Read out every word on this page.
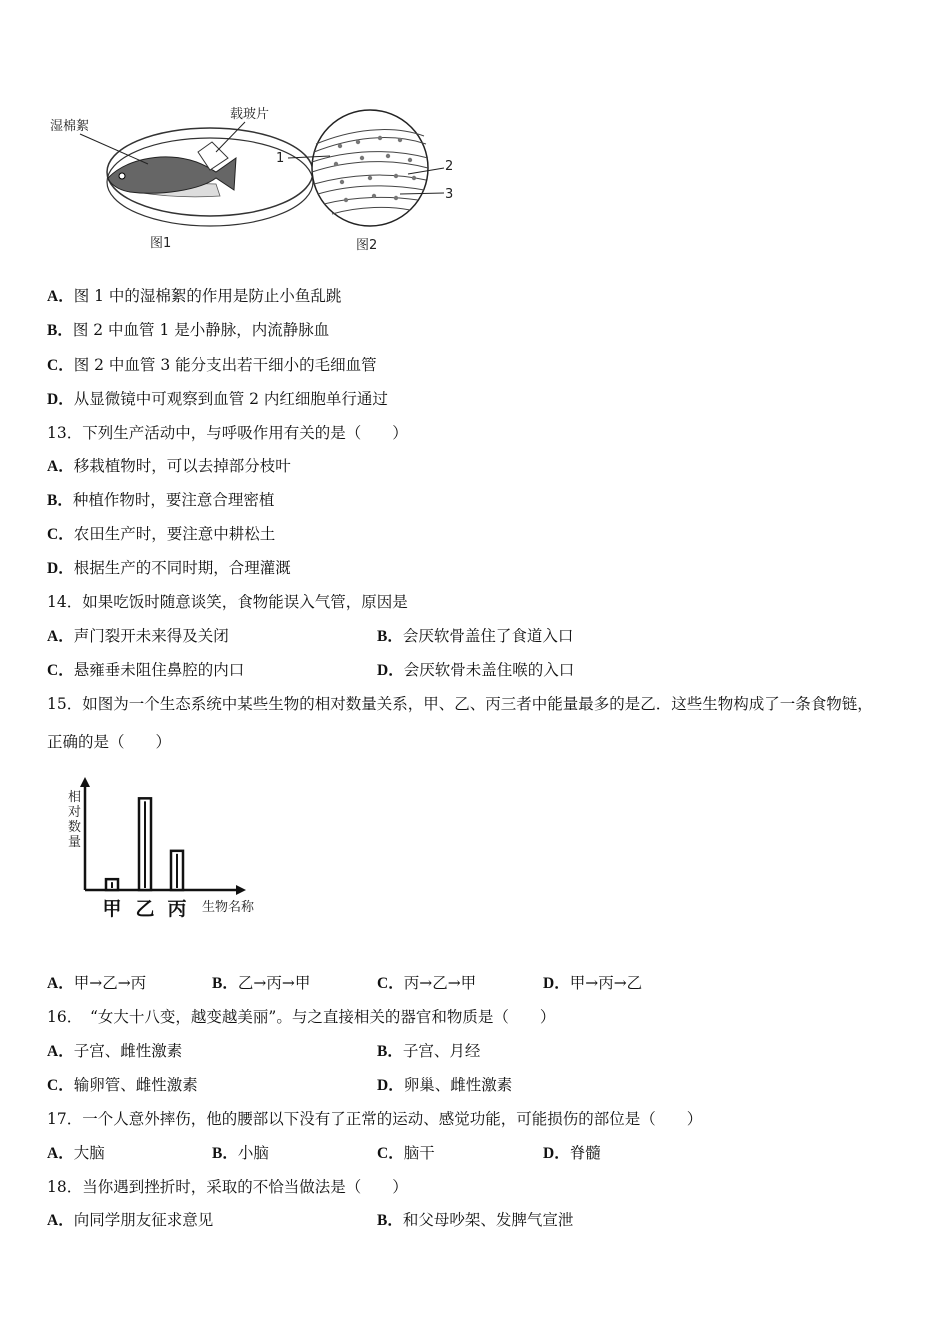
湿棉絮
载玻片
图1
1
2
3
图2
A．图 1 中的湿棉絮的作用是防止小鱼乱跳
B．图 2 中血管 1 是小静脉，内流静脉血
C．图 2 中血管 3 能分支出若干细小的毛细血管
D．从显微镜中可观察到血管 2 内红细胞单行通过
13．下列生产活动中，与呼吸作用有关的是（　　）
A．移栽植物时，可以去掉部分枝叶
B．种植作物时，要注意合理密植
C．农田生产时，要注意中耕松土
D．根据生产的不同时期，合理灌溉
14．如果吃饭时随意谈笑，食物能误入气管，原因是
A．声门裂开未来得及关闭	B．会厌软骨盖住了食道入口
C．悬雍垂未阻住鼻腔的内口	D．会厌软骨未盖住喉的入口
15．如图为一个生态系统中某些生物的相对数量关系，甲、乙、丙三者中能量最多的是乙．这些生物构成了一条食物链，
正确的是（　　）
相对数量
生物名称
甲 乙 丙
A．甲→乙→丙	B．乙→丙→甲	C．丙→乙→甲	D．甲→丙→乙
16．　“女大十八变，越变越美丽”。与之直接相关的器官和物质是（　　）
A．子宫、雌性激素	B．子宫、月经
C．输卵管、雌性激素	D．卵巢、雌性激素
17．一个人意外摔伤，他的腰部以下没有了正常的运动、感觉功能，可能损伤的部位是（　　）
A．大脑	B．小脑	C．脑干	D．脊髓
18．当你遇到挫折时，采取的不恰当做法是（　　）
A．向同学朋友征求意见	B．和父母吵架、发脾气宣泄
